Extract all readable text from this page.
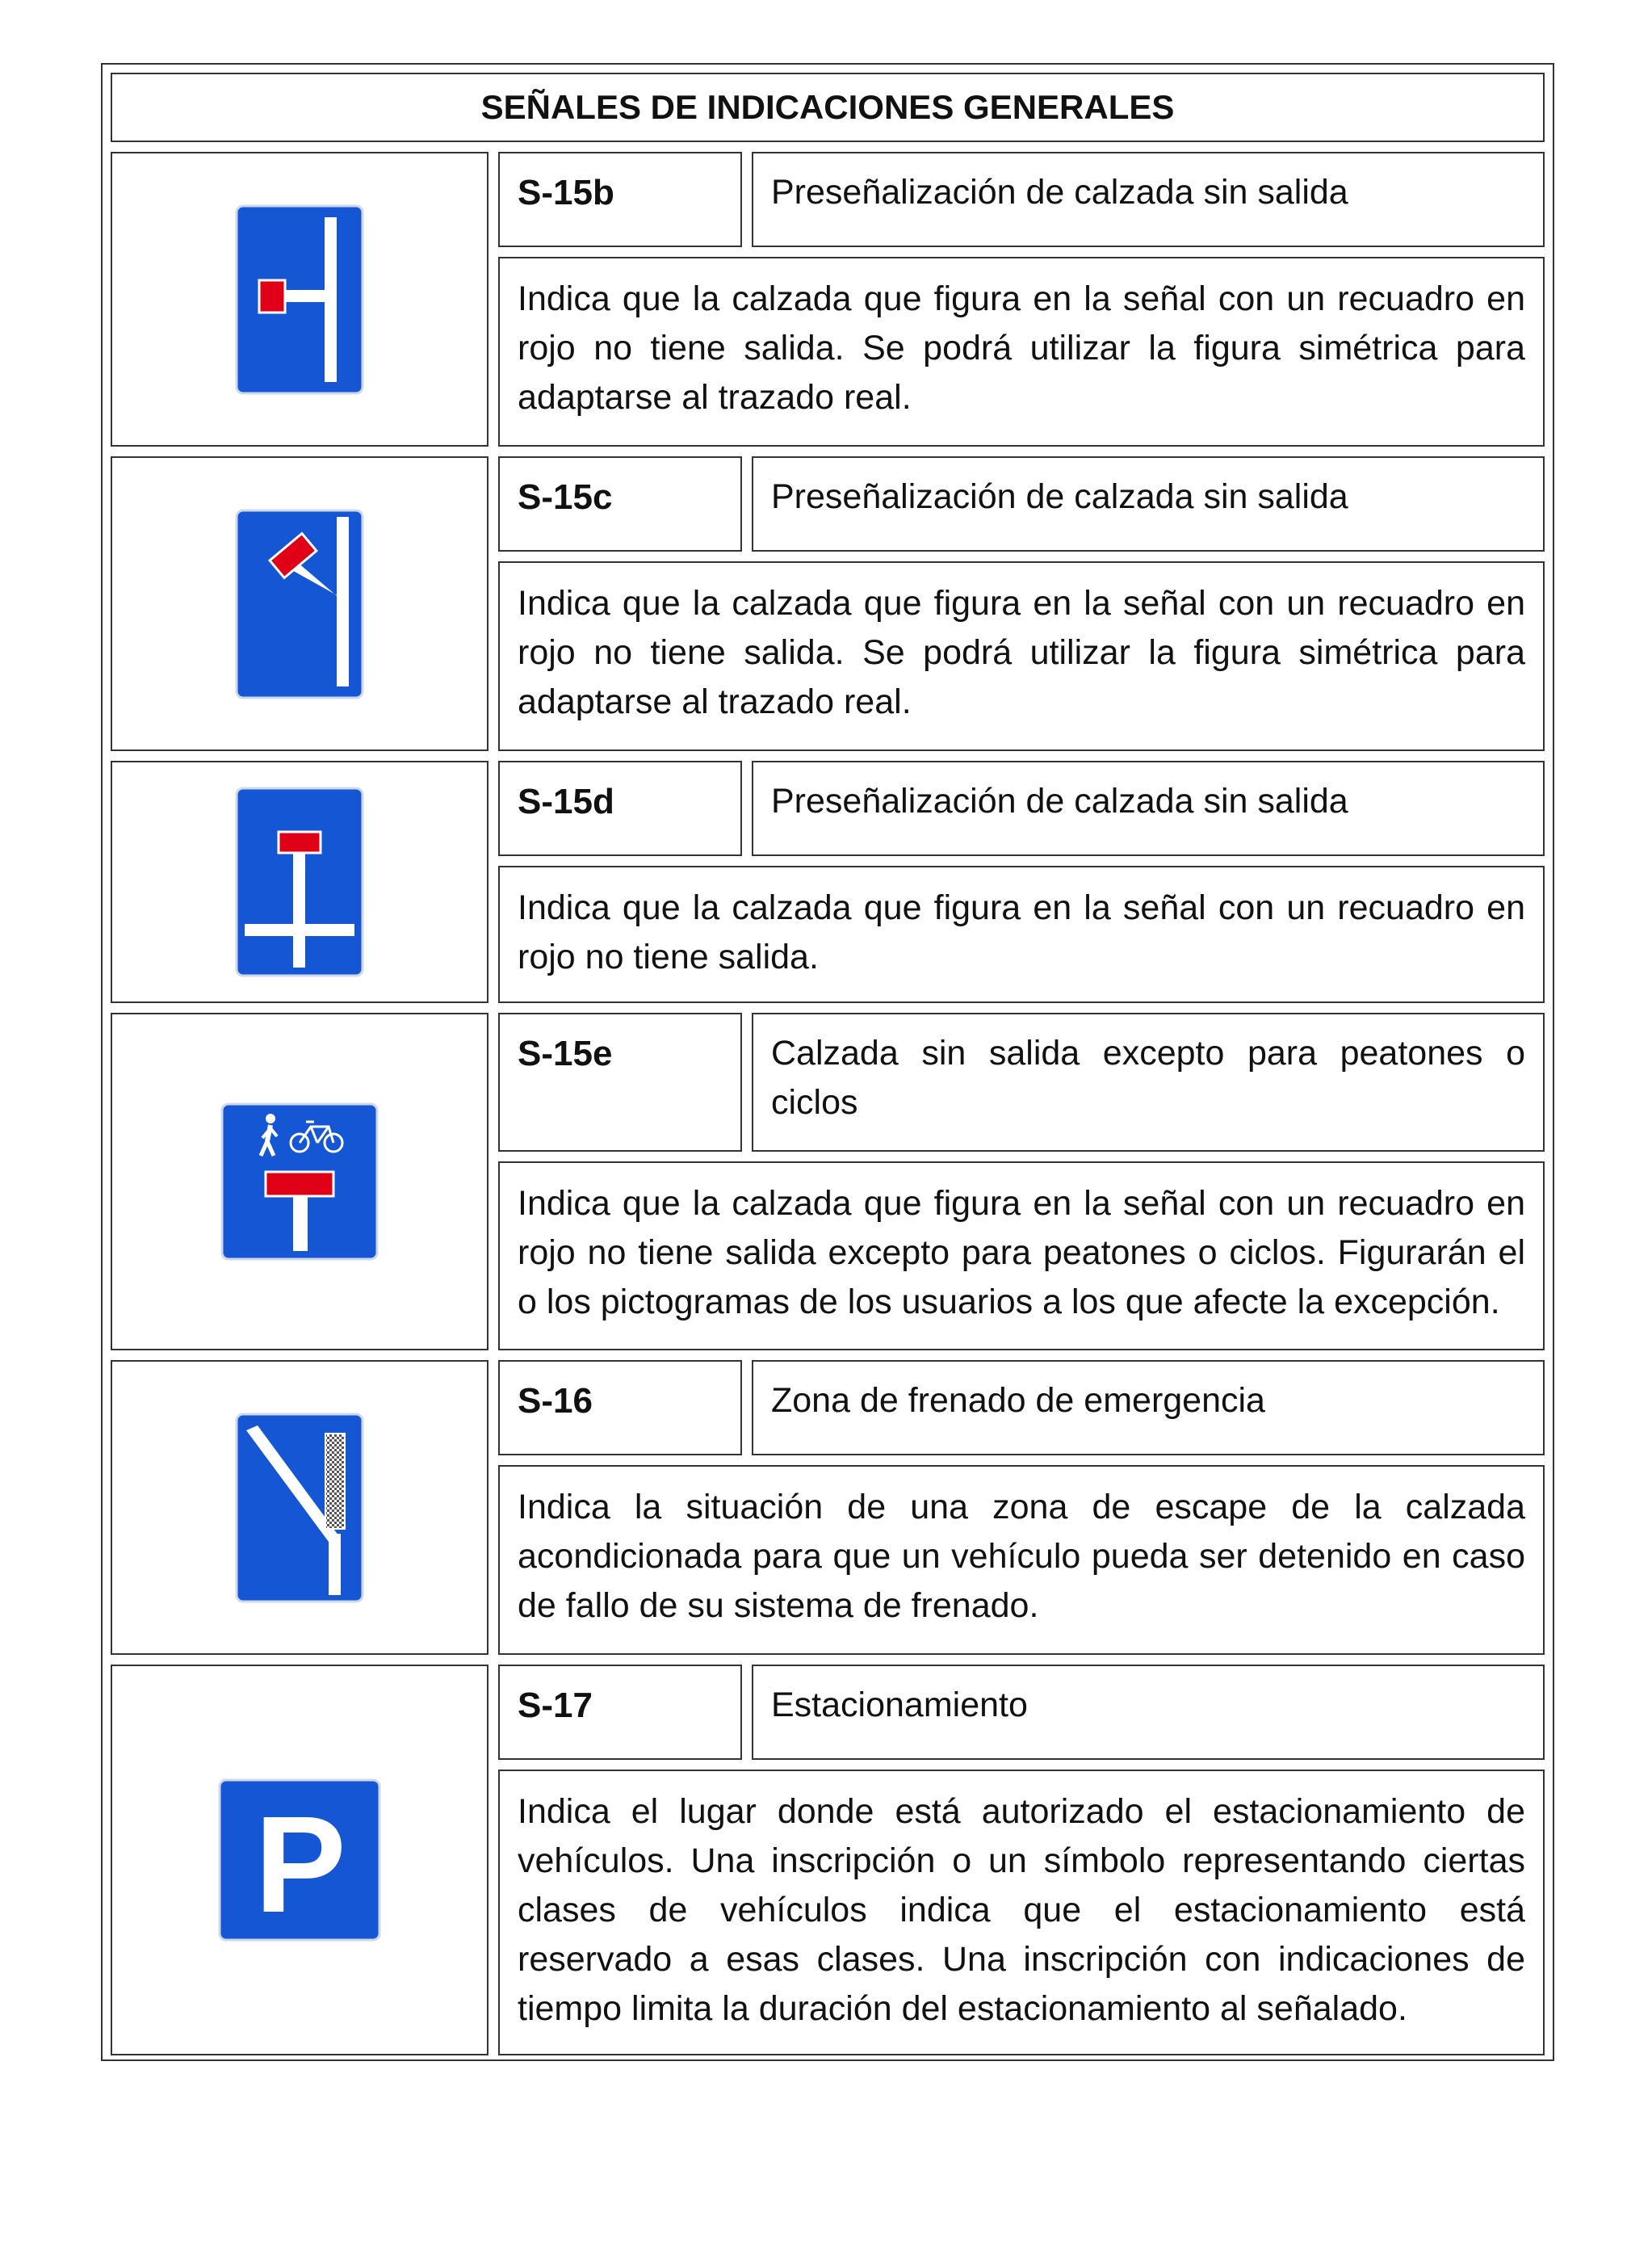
SEÑALES DE INDICACIONES GENERALES
S-15b	Preseñalización de calzada sin salida
Indica que la calzada que figura en la señal con un recuadro en rojo no tiene salida. Se podrá utilizar la figura simétrica para adaptarse al trazado real.
S-15c	Preseñalización de calzada sin salida
Indica que la calzada que figura en la señal con un recuadro en rojo no tiene salida. Se podrá utilizar la figura simétrica para adaptarse al trazado real.
S-15d	Preseñalización de calzada sin salida
Indica que la calzada que figura en la señal con un recuadro en rojo no tiene salida.
S-15e	Calzada sin salida excepto para peatones o ciclos
Indica que la calzada que figura en la señal con un recuadro en rojo no tiene salida excepto para peatones o ciclos. Figurarán el o los pictogramas de los usuarios a los que afecte la excepción.
S-16	Zona de frenado de emergencia
Indica la situación de una zona de escape de la calzada acondicionada para que un vehículo pueda ser detenido en caso de fallo de su sistema de frenado.
P
S-17	Estacionamiento
Indica el lugar donde está autorizado el estacionamiento de vehículos. Una inscripción o un símbolo representando ciertas clases de vehículos indica que el estacionamiento está reservado a esas clases. Una inscripción con indicaciones de tiempo limita la duración del estacionamiento al señalado.
